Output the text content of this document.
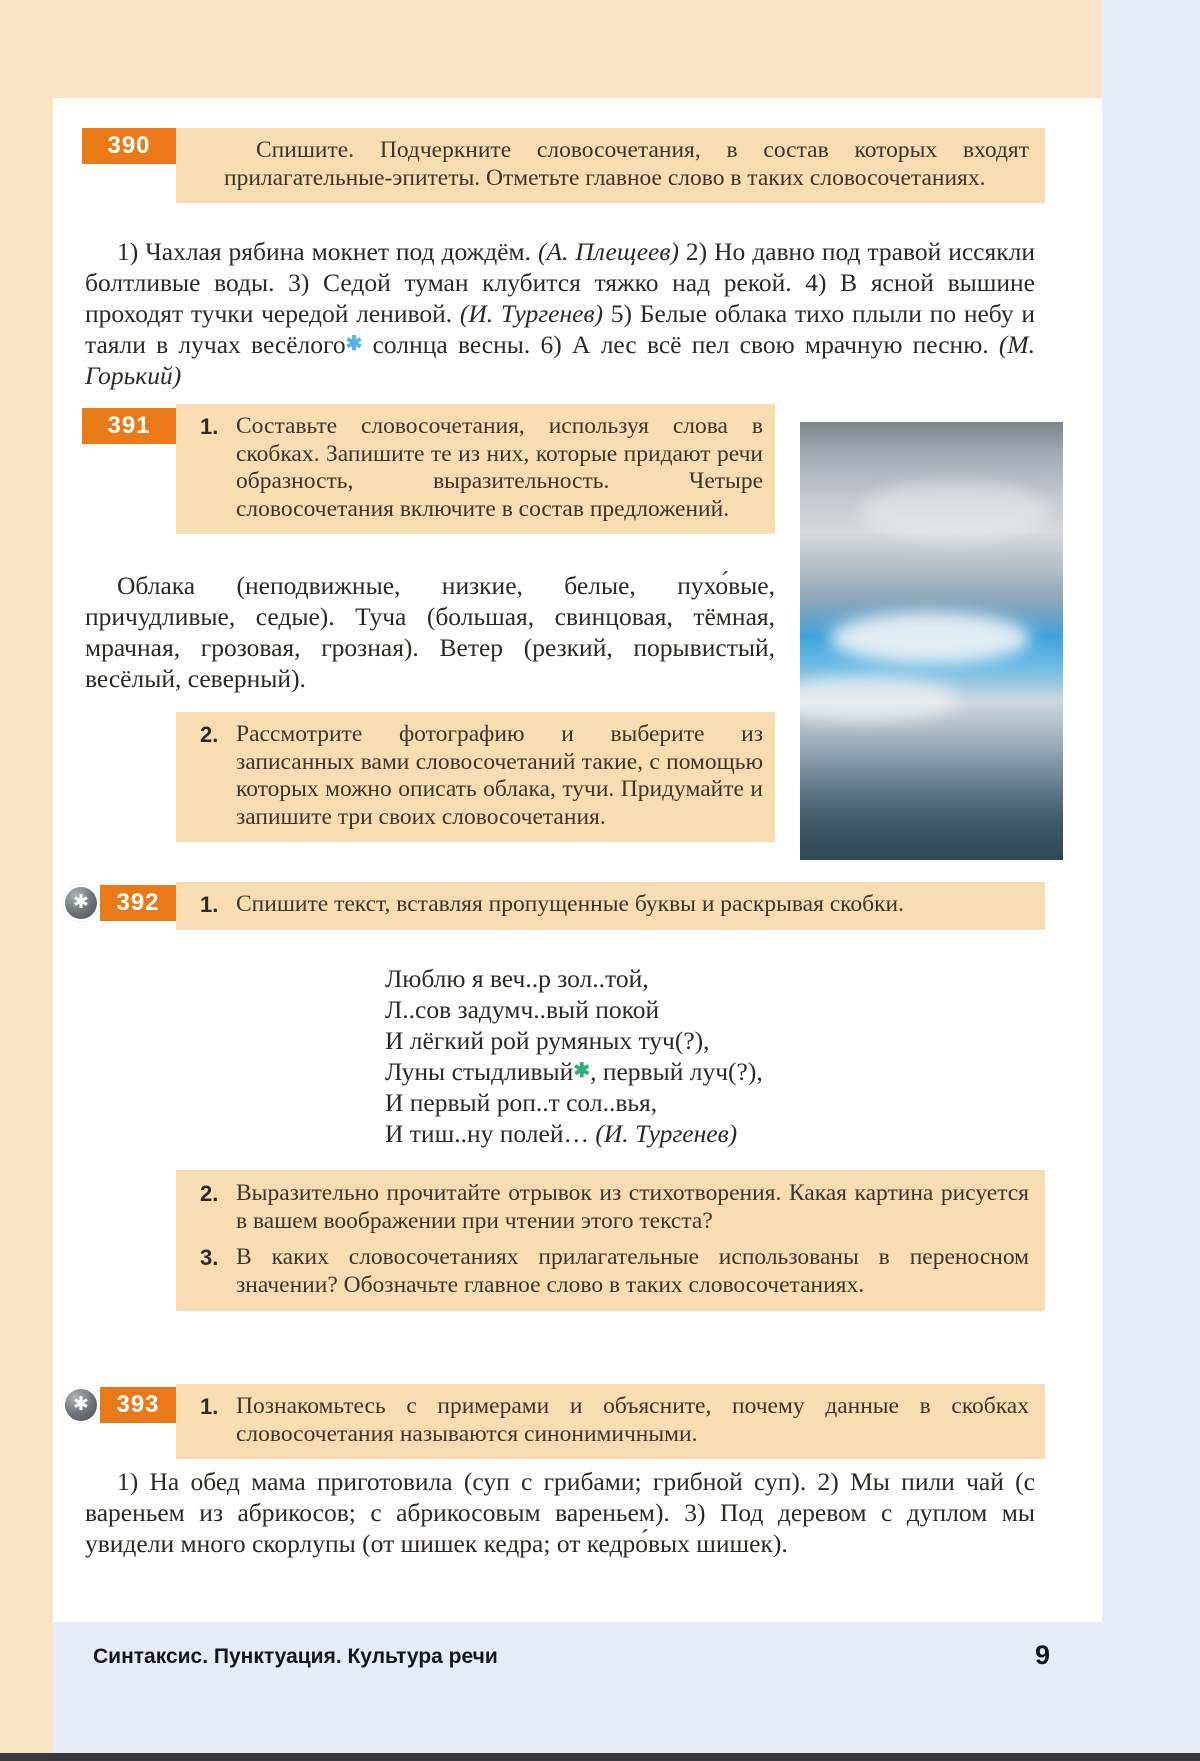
390	Спишите. Подчеркните словосочетания, в состав которых входят прилагательные-эпитеты. Отметьте главное слово в таких словосочетаниях.

1) Чахлая рябина мокнет под дождём. (А. Плещеев) 2) Но давно под травой иссякли болтливые воды. 3) Седой туман клубится тяжко над рекой. 4) В ясной вышине проходят тучки чередой ленивой. (И. Тургенев) 5) Белые облака тихо плыли по небу и таяли в лучах весёлого✱ солнца весны. 6) А лес всё пел свою мрачную песню. (М. Горький)

391	1. Составьте словосочетания, используя слова в скобках. Запишите те из них, которые придают речи образность, выразительность. Четыре словосочетания включите в состав предложений.

Облака (неподвижные, низкие, белые, пухо́вые, причудливые, седые). Туча (большая, свинцовая, тёмная, мрачная, грозовая, грозная). Ветер (резкий, порывистый, весёлый, северный).

2. Рассмотрите фотографию и выберите из записанных вами словосочетаний такие, с помощью которых можно описать облака, тучи. Придумайте и запишите три своих словосочетания.

✱	392	1. Спишите текст, вставляя пропущенные буквы и раскрывая скобки.

Люблю я веч..р зол..той,
Л..сов задумч..вый покой
И лёгкий рой румяных туч(?),
Луны стыдливый✱, первый луч(?),
И первый роп..т сол..вья,
И тиш..ну полей… (И. Тургенев)
2. Выразительно прочитайте отрывок из стихотворения. Какая картина рисуется в вашем воображении при чтении этого текста?

3. В каких словосочетаниях прилагательные использованы в переносном значении? Обозначьте главное слово в таких словосочетаниях.

✱	393	1. Познакомьтесь с примерами и объясните, почему данные в скобках словосочетания называются синонимичными.

1) На обед мама приготовила (суп с грибами; грибной суп). 2) Мы пили чай (с вареньем из абрикосов; с абрикосовым вареньем). 3) Под деревом с дуплом мы увидели много скорлупы (от шишек кедра; от кедро́вых шишек).

Синтаксис. Пунктуация. Культура речи	9
